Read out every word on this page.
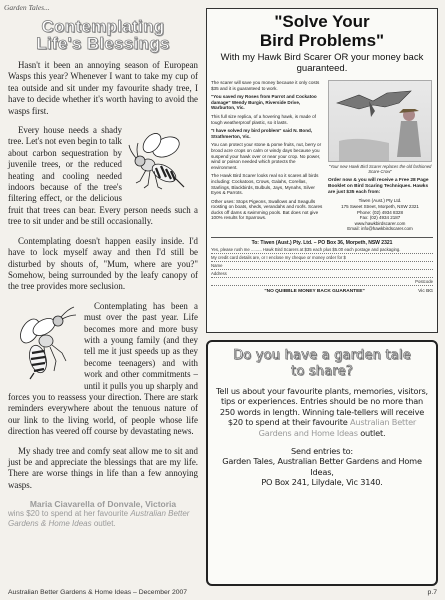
Garden Tales...
Contemplating
Life's Blessings

Hasn't it been an annoying season of European Wasps this year? Whenever I want to take my cup of tea outside and sit under my favourite shady tree, I have to decide whether it's worth having to avoid the wasps first.

Every house needs a shady tree. Let's not even begin to talk about carbon sequestration by juvenile trees, or the reduced heating and cooling needed indoors because of the tree's filtering effect, or the delicious fruit that trees can bear. Every person needs such a tree to sit under and be still occasionally.

Contemplating doesn't happen easily inside. I'd have to lock myself away and then I'd still be disturbed by shouts of, "Mum, where are you?" Somehow, being surrounded by the leafy canopy of the tree provides more seclusion.

Contemplating has been a must over the past year. Life becomes more and more busy with a young family (and they tell me it just speeds up as they become teenagers) and with work and other commitments – until it pulls you up sharply and forces you to reassess your direction. There are stark reminders everywhere about the tenuous nature of our link to the living world, of people whose life direction has veered off course by devastating news.

My shady tree and comfy seat allow me to sit and just be and appreciate the blessings that are my life. There are worse things in life than a few annoying wasps.

Maria Ciavarella of Donvale, Victoria
wins $20 to spend at her favourite Australian Better Gardens & Home Ideas outlet.
"Solve Your
Bird Problems"
With my Hawk Bird Scarer OR your money back guaranteed.

The scarer will save you money because it only costs $35 and it is guaranteed to work.

"You saved my Roses from Parrot and Cockatoo damage" Wendy Burgin, Riverside Drive, Warburton, Vic.

This full size replica, of a hovering hawk, is made of tough weatherproof plastic, so it lasts.

"I have solved my bird problem" said N. Bond, Strathmerton, Vic.

You can protect your stone & pome fruits, nut, berry or brood acre crops on calm or windy days because you suspend your hawk over or near your crop. No power, wind or poison needed which protects the environment.

The Hawk Bird Scarer looks real so it scares all birds including: Cockatoos, Crows, Galahs, Corellas, Starlings, Blackbirds, Bulbuls, Jays, Mynahs, Silver Eyes & Parrots.

Other uses: Stops Pigeons, Swallows and Seagulls roosting on boats, sheds, verandahs and roofs. Scares ducks off dams & swimming pools. Bat does not give 100% results for Sparrows.

"Your new Hawk Bird Scarer replaces the old fashioned Scare-Crow"
Order now & you will receive a Free 28 Page Booklet on Bird Scaring Techniques. Hawks are just $35 each from:
Tiwen (Aust.) Pty Ltd.
175 Sweet Street, Morpeth, NSW 2321
Phone: (02) 4934 8328
Fax: (02) 4934 2187
www.hawkbirdscarer.com
Email: info@hawkbirdscarer.com
To: Tiwen (Aust.) Pty. Ltd. – PO Box 36, Morpeth, NSW 2321
Yes, please rush me ......... Hawk Bird Scarers at $35 each plus $5.00 each postage and packaging.
My credit card details are, or I enclose my cheque or money order for $
Name
Address
Postcode
"NO QUIBBLE MONEY BACK GUARANTEE"	Vic BG
Do you have a garden tale
to share?
Tell us about your favourite plants, memories, visitors, tips or experiences. Entries should be no more than 250 words in length. Winning tale-tellers will receive $20 to spend at their favourite Australian Better Gardens and Home Ideas outlet.
Send entries to:
Garden Tales, Australian Better Gardens and Home Ideas,
PO Box 241, Lilydale, Vic 3140.
Australian Better Gardens & Home Ideas – December 2007	p.7
